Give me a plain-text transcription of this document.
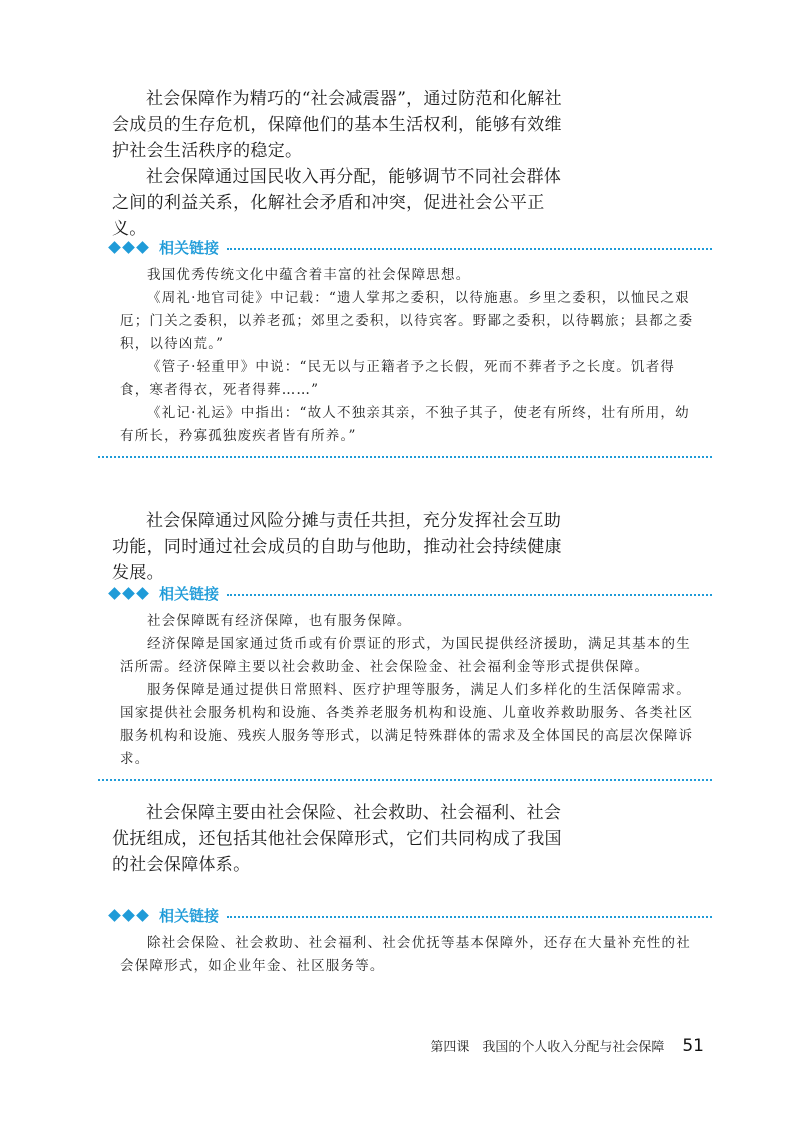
社会保障作为精巧的“社会减震器”，通过防范和化解社会成员的生存危机，保障他们的基本生活权利，能够有效维护社会生活秩序的稳定。

社会保障通过国民收入再分配，能够调节不同社会群体之间的利益关系，化解社会矛盾和冲突，促进社会公平正义。

相关链接

我国优秀传统文化中蕴含着丰富的社会保障思想。

《周礼·地官司徒》中记载：“遗人掌邦之委积，以待施惠。乡里之委积，以恤民之艰厄；门关之委积，以养老孤；郊里之委积，以待宾客。野鄙之委积，以待羁旅；县都之委积，以待凶荒。”

《管子·轻重甲》中说：“民无以与正籍者予之长假，死而不葬者予之长度。饥者得食，寒者得衣，死者得葬……”

《礼记·礼运》中指出：“故人不独亲其亲，不独子其子，使老有所终，壮有所用，幼有所长，矜寡孤独废疾者皆有所养。”

社会保障通过风险分摊与责任共担，充分发挥社会互助功能，同时通过社会成员的自助与他助，推动社会持续健康发展。

相关链接

社会保障既有经济保障，也有服务保障。

经济保障是国家通过货币或有价票证的形式，为国民提供经济援助，满足其基本的生活所需。经济保障主要以社会救助金、社会保险金、社会福利金等形式提供保障。

服务保障是通过提供日常照料、医疗护理等服务，满足人们多样化的生活保障需求。国家提供社会服务机构和设施、各类养老服务机构和设施、儿童收养救助服务、各类社区服务机构和设施、残疾人服务等形式，以满足特殊群体的需求及全体国民的高层次保障诉求。

社会保障主要由社会保险、社会救助、社会福利、社会优抚组成，还包括其他社会保障形式，它们共同构成了我国的社会保障体系。

相关链接

除社会保险、社会救助、社会福利、社会优抚等基本保障外，还存在大量补充性的社会保障形式，如企业年金、社区服务等。

第四课　我国的个人收入分配与社会保障 51
